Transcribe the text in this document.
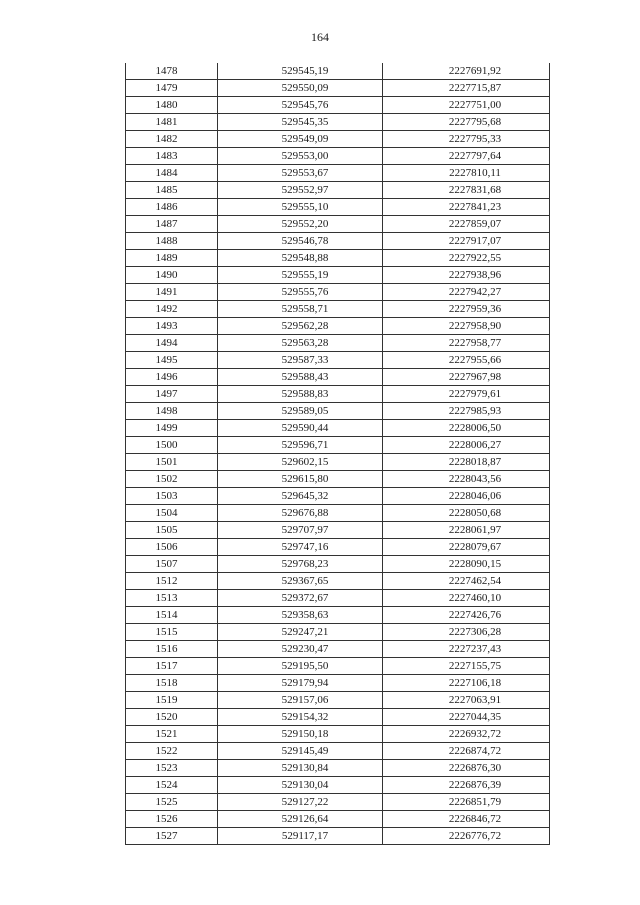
164
1478	529545,19	2227691,92
1479	529550,09	2227715,87
1480	529545,76	2227751,00
1481	529545,35	2227795,68
1482	529549,09	2227795,33
1483	529553,00	2227797,64
1484	529553,67	2227810,11
1485	529552,97	2227831,68
1486	529555,10	2227841,23
1487	529552,20	2227859,07
1488	529546,78	2227917,07
1489	529548,88	2227922,55
1490	529555,19	2227938,96
1491	529555,76	2227942,27
1492	529558,71	2227959,36
1493	529562,28	2227958,90
1494	529563,28	2227958,77
1495	529587,33	2227955,66
1496	529588,43	2227967,98
1497	529588,83	2227979,61
1498	529589,05	2227985,93
1499	529590,44	2228006,50
1500	529596,71	2228006,27
1501	529602,15	2228018,87
1502	529615,80	2228043,56
1503	529645,32	2228046,06
1504	529676,88	2228050,68
1505	529707,97	2228061,97
1506	529747,16	2228079,67
1507	529768,23	2228090,15
1512	529367,65	2227462,54
1513	529372,67	2227460,10
1514	529358,63	2227426,76
1515	529247,21	2227306,28
1516	529230,47	2227237,43
1517	529195,50	2227155,75
1518	529179,94	2227106,18
1519	529157,06	2227063,91
1520	529154,32	2227044,35
1521	529150,18	2226932,72
1522	529145,49	2226874,72
1523	529130,84	2226876,30
1524	529130,04	2226876,39
1525	529127,22	2226851,79
1526	529126,64	2226846,72
1527	529117,17	2226776,72
